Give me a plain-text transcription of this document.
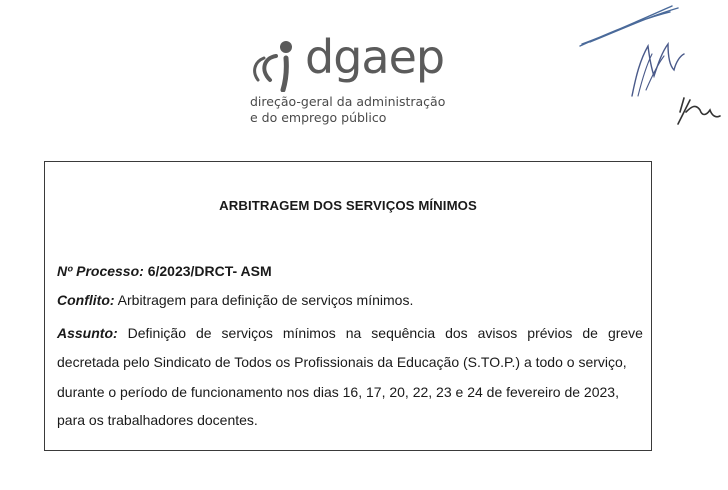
dgaep
direção-geral da administração
e do emprego público
ARBITRAGEM DOS SERVIÇOS MÍNIMOS
Nº Processo: 6/2023/DRCT- ASM
Conflito: Arbitragem para definição de serviços mínimos.
Assunto: Definição de serviços mínimos na sequência dos avisos prévios de greve
decretada pelo Sindicato de Todos os Profissionais da Educação (S.TO.P.) a todo o serviço,
durante o período de funcionamento nos dias 16, 17, 20, 22, 23 e 24 de fevereiro de 2023,
para os trabalhadores docentes.
